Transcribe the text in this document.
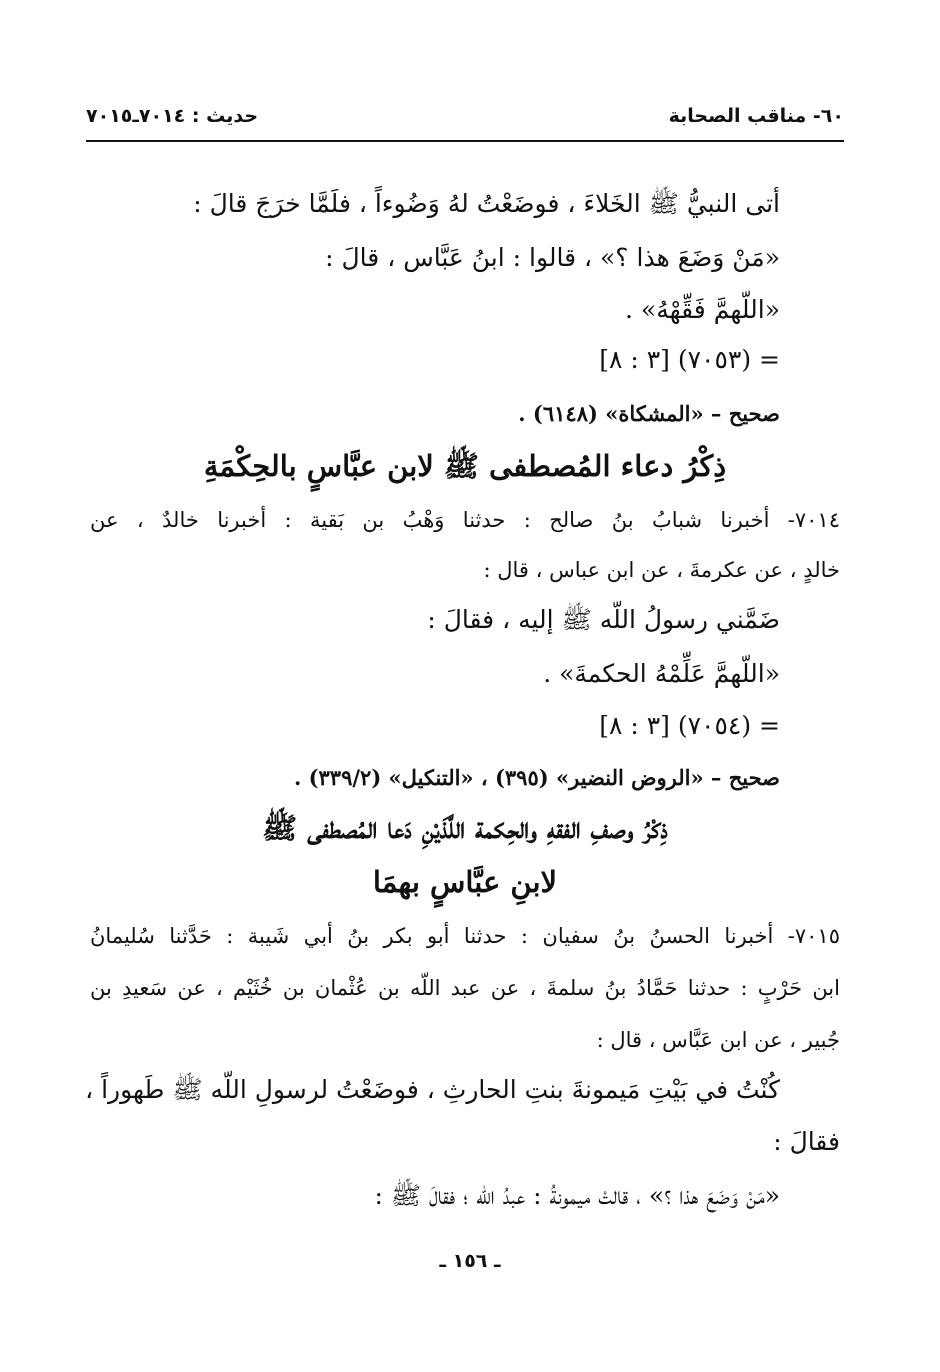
٦٠- مناقب الصحابة
حديث : ٧٠١٤ـ٧٠١٥
أتى النبيُّ ﷺ الخَلاءَ ، فوضَعْتُ لهُ وَضُوءاً ، فلَمَّا خرَجَ قالَ :
«مَنْ وَضَعَ هذا ؟» ، قالوا : ابنُ عَبَّاس ، قالَ :
«اللّهمَّ فَقِّهْهُ» .
= (٧٠٥٣) [٣ : ٨]
صحيح – «المشكاة» (٦١٤٨) .
ذِكْرُ دعاء المُصطفى ﷺ لابن عبَّاسٍ بالحِكْمَةِ
٧٠١٤- أخبرنا شبابُ بنُ صالح : حدثنا وَهْبُ بن بَقية : أخبرنا خالدٌ ، عن
خالدٍ ، عن عكرمةَ ، عن ابن عباس ، قال :
ضَمَّني رسولُ اللّه ﷺ إليه ، فقالَ :
«اللّهمَّ عَلِّمْهُ الحكمةَ» .
= (٧٠٥٤) [٣ : ٨]
صحيح – «الروض النضير» (٣٩٥) ، «التنكيل» (٣٣٩/٢) .
ذِكْرُ وصفِ الفقهِ والحِكمة اللَّذَيْنِ دَعا المُصطفى ﷺ
لابنِ عبَّاسٍ بهمَا
٧٠١٥- أخبرنا الحسنُ بنُ سفيان : حدثنا أبو بكر بنُ أبي شَيبة : حَدَّثنا سُليمانُ
ابن حَرْبٍ : حدثنا حَمَّادُ بنُ سلمةَ ، عن عبد اللّه بن عُثْمان بن خُثَيْم ، عن سَعيدِ بن
جُبير ، عن ابن عَبَّاس ، قال :
كُنْتُ في بَيْتِ مَيمونةَ بنتِ الحارثِ ، فوضَعْتُ لرسولِ اللّه ﷺ طَهوراً ،
فقالَ :
«مَنْ وَضَعَ هذا ؟» ، قالتْ ميمونةُ : عبدُ اللّه ؛ فقالَ ﷺ :
ـ ١٥٦ ـ
